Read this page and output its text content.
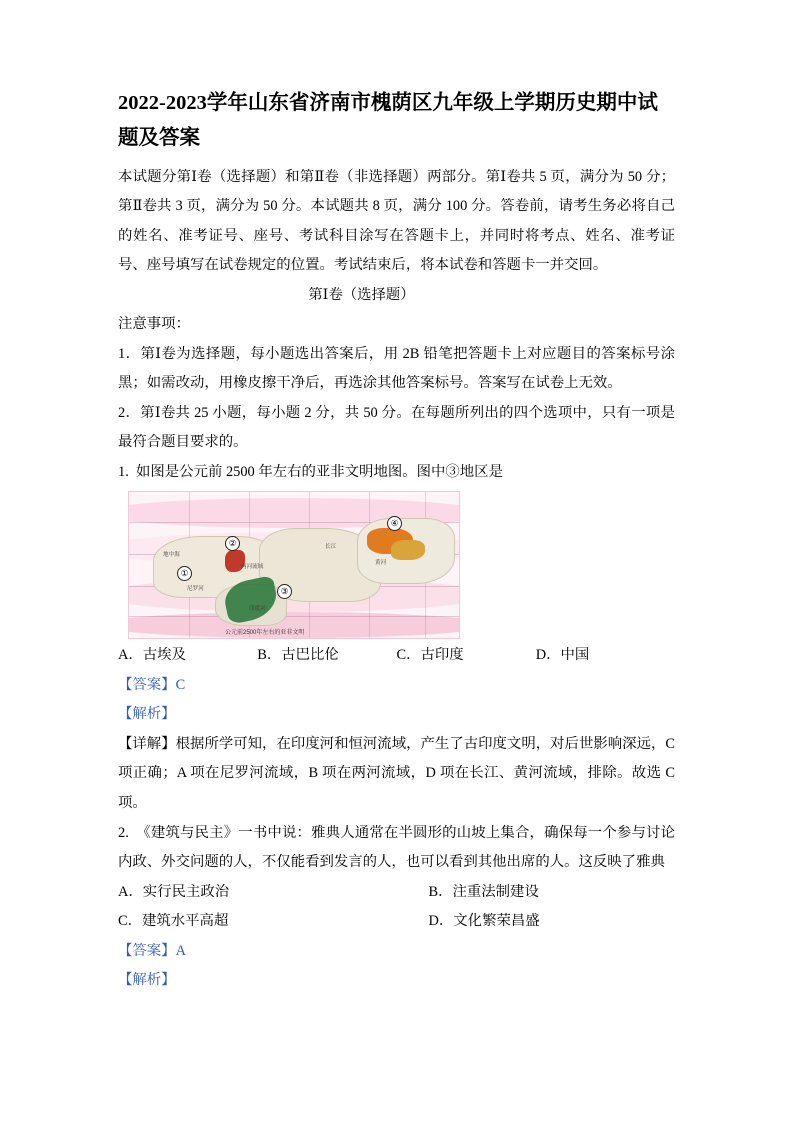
2022-2023学年山东省济南市槐荫区九年级上学期历史期中试题及答案

本试题分第Ⅰ卷（选择题）和第Ⅱ卷（非选择题）两部分。第Ⅰ卷共 5 页，满分为 50 分；第Ⅱ卷共 3 页，满分为 50 分。本试题共 8 页，满分 100 分。答卷前，请考生务必将自己的姓名、准考证号、座号、考试科目涂写在答题卡上，并同时将考点、姓名、准考证号、座号填写在试卷规定的位置。考试结束后，将本试卷和答题卡一并交回。

第Ⅰ卷（选择题）

注意事项：

1．第Ⅰ卷为选择题，每小题选出答案后，用 2B 铅笔把答题卡上对应题目的答案标号涂黑；如需改动，用橡皮擦干净后，再选涂其他答案标号。答案写在试卷上无效。

2．第Ⅰ卷共 25 小题，每小题 2 分，共 50 分。在每题所列出的四个选项中，只有一项是最符合题目要求的。

1. 如图是公元前 2500 年左右的亚非文明地图。图中③地区是

地中海
尼罗河
两河流域
印度河
黄河
长江
①
②
③
④
公元前2500年左右的亚非文明
A．古埃及	B．古巴比伦	C．古印度	D．中国

【答案】C

【解析】

【详解】根据所学可知，在印度河和恒河流域，产生了古印度文明，对后世影响深远，C 项正确；A 项在尼罗河流域，B 项在两河流域，D 项在长江、黄河流域，排除。故选 C 项。

2. 《建筑与民主》一书中说：雅典人通常在半圆形的山坡上集合，确保每一个参与讨论内政、外交问题的人，不仅能看到发言的人，也可以看到其他出席的人。这反映了雅典

A．实行民主政治	B．注重法制建设
C．建筑水平高超	D．文化繁荣昌盛

【答案】A

【解析】
